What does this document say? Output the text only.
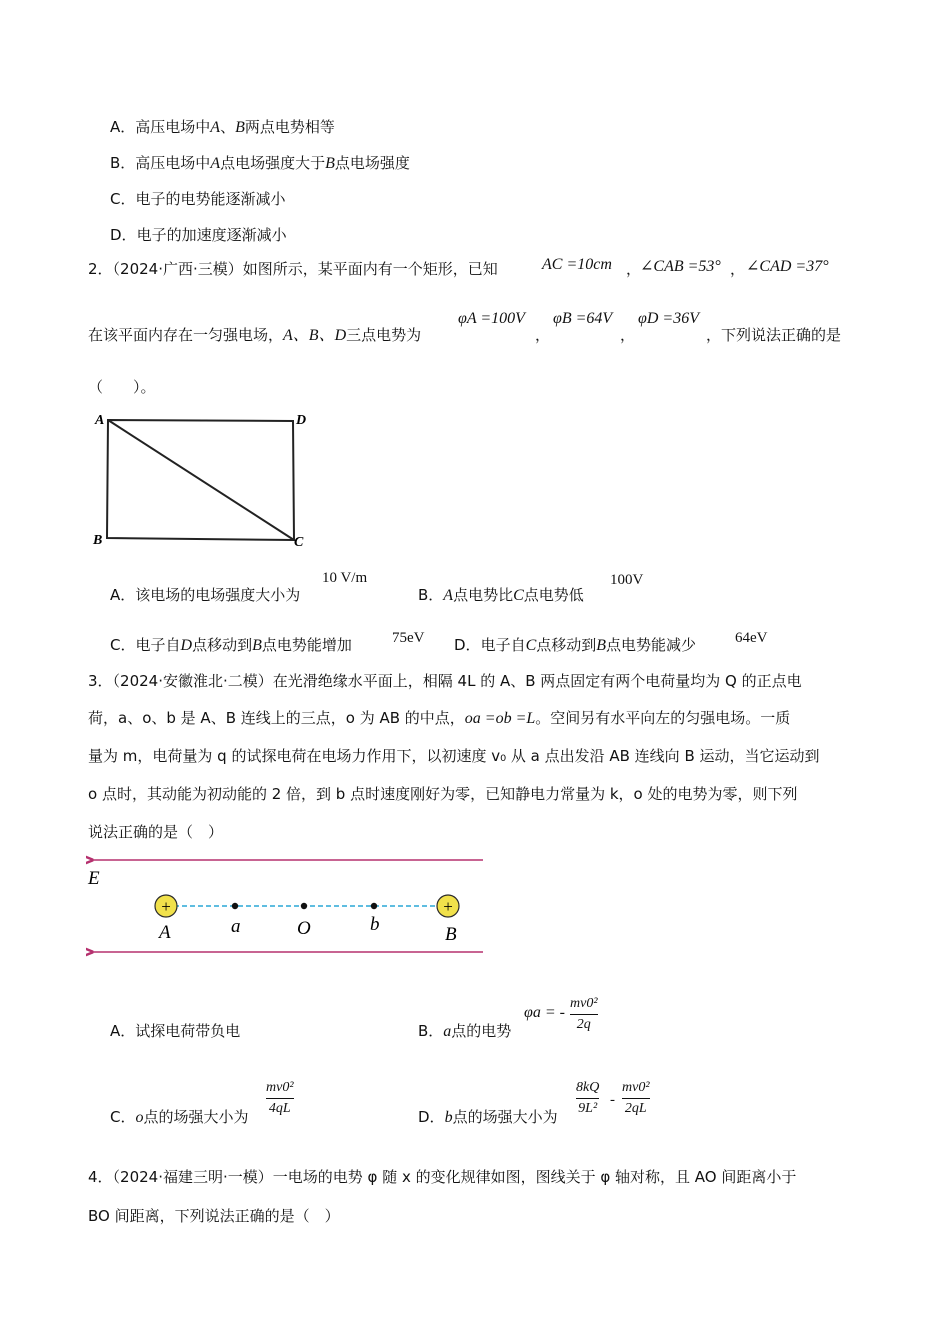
A．高压电场中A、B两点电势相等
B．高压电场中A点电场强度大于B点电场强度
C．电子的电势能逐渐减小
D．电子的加速度逐渐减小
2．（2024·广西·三模）如图所示，某平面内有一个矩形，已知	AC =10cm ，
∠CAB =53° ， ∠CAD =37°
在该平面内存在一匀强电场，A、B、D三点电势为
φA =100V
，
φB =64V
，
φD =36V
，下列说法正确的是
（　　）。
A	D
B	C
A．该电场的电场强度大小为
10 V/m
B．A点电势比C点电势低
100V
C．电子自D点移动到B点电势能增加	75eV D．电子自C点移动到B点电势能减少	64eV
3．（2024·安徽淮北·二模）在光滑绝缘水平面上，相隔 4L 的 A、B 两点固定有两个电荷量均为 Q 的正点电
荷，a、o、b 是 A、B 连线上的三点，o 为 AB 的中点，oa =ob =L。空间另有水平向左的匀强电场。一质
量为 m，电荷量为 q 的试探电荷在电场力作用下，以初速度 v₀ 从 a 点出发沿 AB 连线向 B 运动，当它运动到
o 点时，其动能为初动能的 2 倍，到 b 点时速度刚好为零，已知静电力常量为 k，o 处的电势为零，则下列
说法正确的是（　）
E
+	+
A	a	O	b	B
A．试探电荷带负电	B．a点的电势
φa = -
mv0²
2q
C．o点的场强大小为
mv0²
4qL	D．b点的场强大小为
8kQ
9L²
-
mv0²
2qL
4．（2024·福建三明·一模）一电场的电势 φ 随 x 的变化规律如图，图线关于 φ 轴对称，且 AO 间距离小于
BO 间距离，下列说法正确的是（　）
